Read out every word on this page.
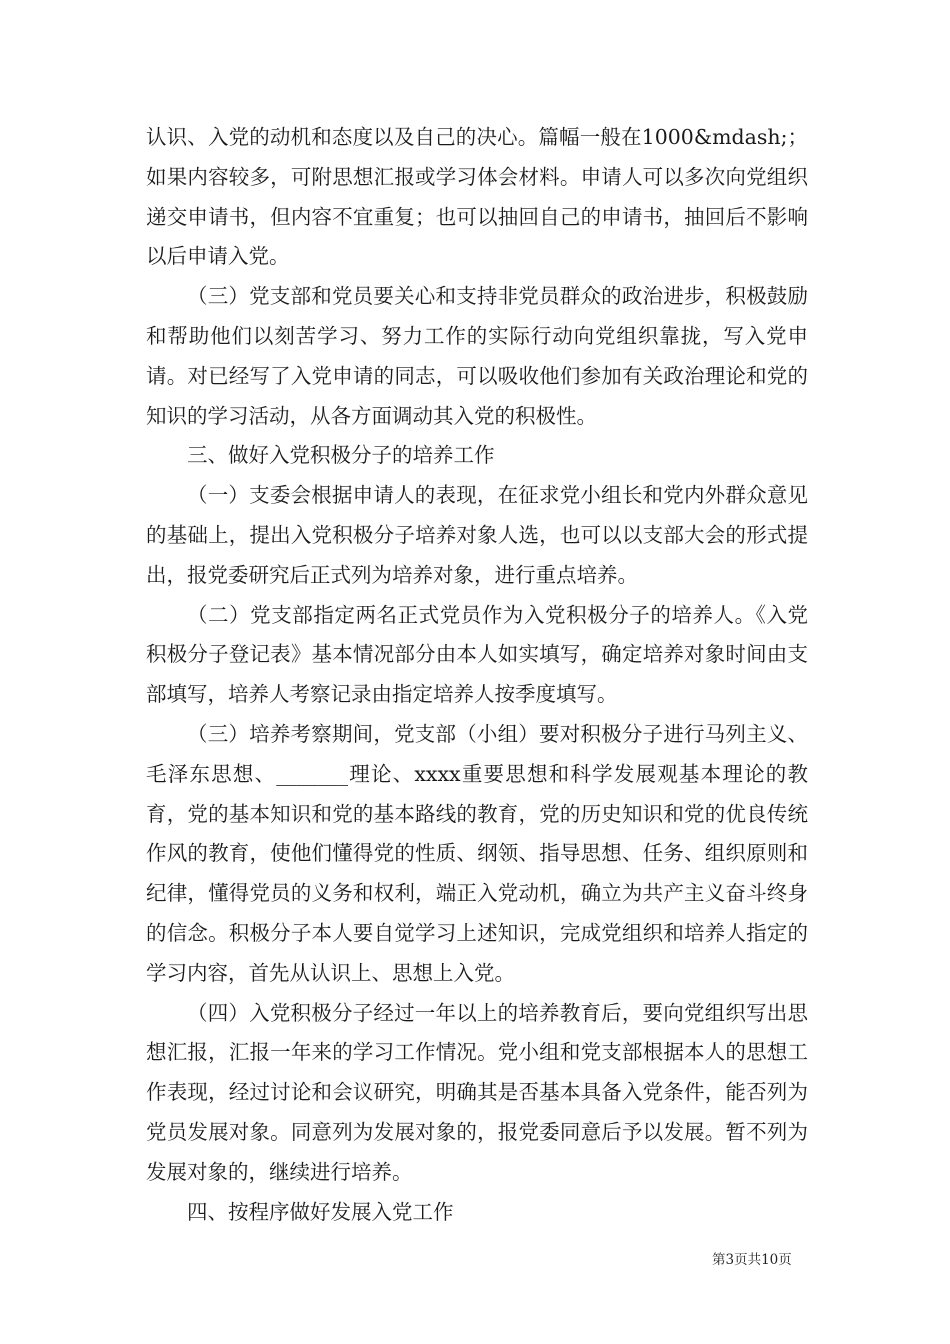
认识、入党的动机和态度以及自己的决心。篇幅一般在1000&mdash;；如果内容较多，可附思想汇报或学习体会材料。申请人可以多次向党组织递交申请书，但内容不宜重复；也可以抽回自己的申请书，抽回后不影响以后申请入党。

（三）党支部和党员要关心和支持非党员群众的政治进步，积极鼓励和帮助他们以刻苦学习、努力工作的实际行动向党组织靠拢，写入党申请。对已经写了入党申请的同志，可以吸收他们参加有关政治理论和党的知识的学习活动，从各方面调动其入党的积极性。

三、做好入党积极分子的培养工作

（一）支委会根据申请人的表现，在征求党小组长和党内外群众意见的基础上，提出入党积极分子培养对象人选，也可以以支部大会的形式提出，报党委研究后正式列为培养对象，进行重点培养。

（二）党支部指定两名正式党员作为入党积极分子的培养人。《入党积极分子登记表》基本情况部分由本人如实填写，确定培养对象时间由支部填写，培养人考察记录由指定培养人按季度填写。

（三）培养考察期间，党支部（小组）要对积极分子进行马列主义、毛泽东思想、_______理论、xxxx重要思想和科学发展观基本理论的教育，党的基本知识和党的基本路线的教育，党的历史知识和党的优良传统作风的教育，使他们懂得党的性质、纲领、指导思想、任务、组织原则和纪律，懂得党员的义务和权利，端正入党动机，确立为共产主义奋斗终身的信念。积极分子本人要自觉学习上述知识，完成党组织和培养人指定的学习内容，首先从认识上、思想上入党。

（四）入党积极分子经过一年以上的培养教育后，要向党组织写出思想汇报，汇报一年来的学习工作情况。党小组和党支部根据本人的思想工作表现，经过讨论和会议研究，明确其是否基本具备入党条件，能否列为党员发展对象。同意列为发展对象的，报党委同意后予以发展。暂不列为发展对象的，继续进行培养。

四、按程序做好发展入党工作

第3页共10页
